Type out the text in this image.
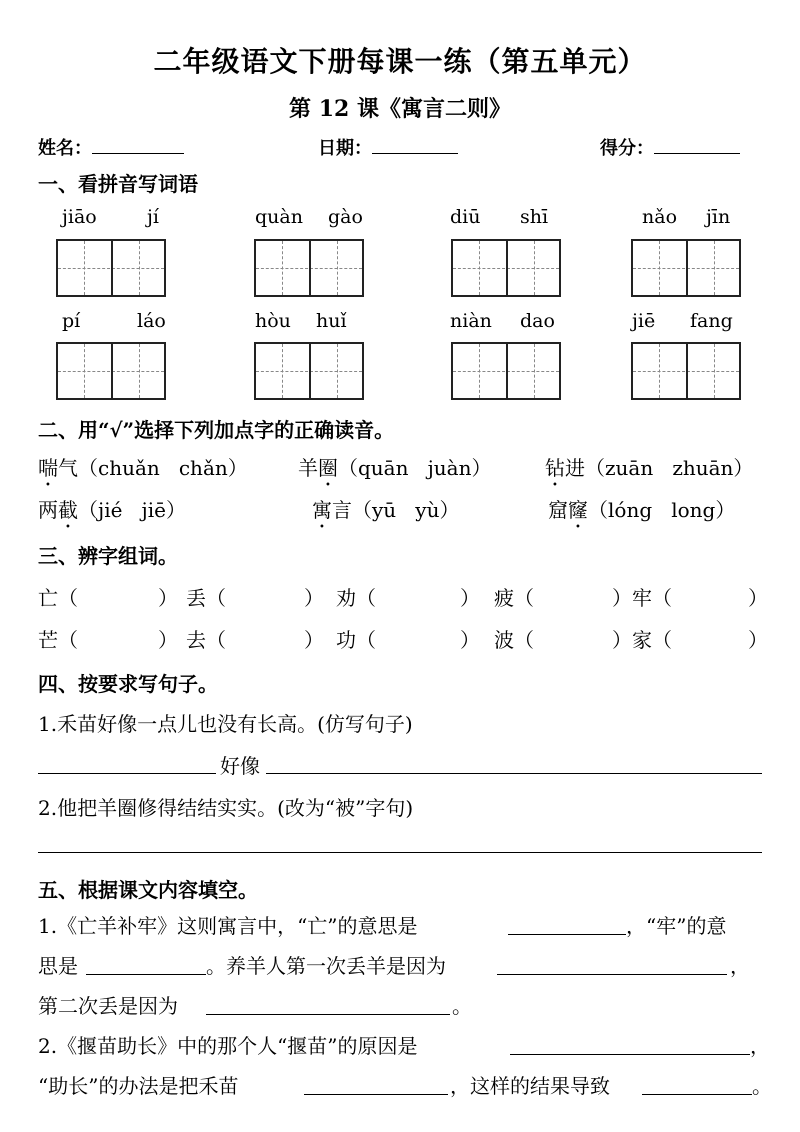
二年级语文下册每课一练（第五单元）
第 12 课《寓言二则》
姓名：	日期：	得分：
一、看拼音写词语
jiāo	jí	quàn gào	diū shī	nǎo jīn
pí	láo	hòu huǐ	niàn dao	jiē fang
二、用“√”选择下列加点字的正确读音。
喘气（chuǎn chǎn）	羊圈（quān juàn）	钻进（zuān zhuān）
两截（jié jiē）	寓言（yū yù）	窟窿（lóng long）
三、辨字组词。
亡（	） 丢（	） 劝（	） 疲（	） 牢（	）
芒（	） 去（	） 功（	） 波（	） 家（	）
四、按要求写句子。
1.禾苗好像一点儿也没有长高。(仿写句子)
好像
2.他把羊圈修得结结实实。(改为“被”字句)
五、根据课文内容填空。
1.《亡羊补牢》这则寓言中，“亡”的意思是	，“牢”的意
思是	。养羊人第一次丢羊是因为	，
第二次丢是因为	。
2.《揠苗助长》中的那个人“揠苗”的原因是	，
“助长”的办法是把禾苗	，这样的结果导致	。
